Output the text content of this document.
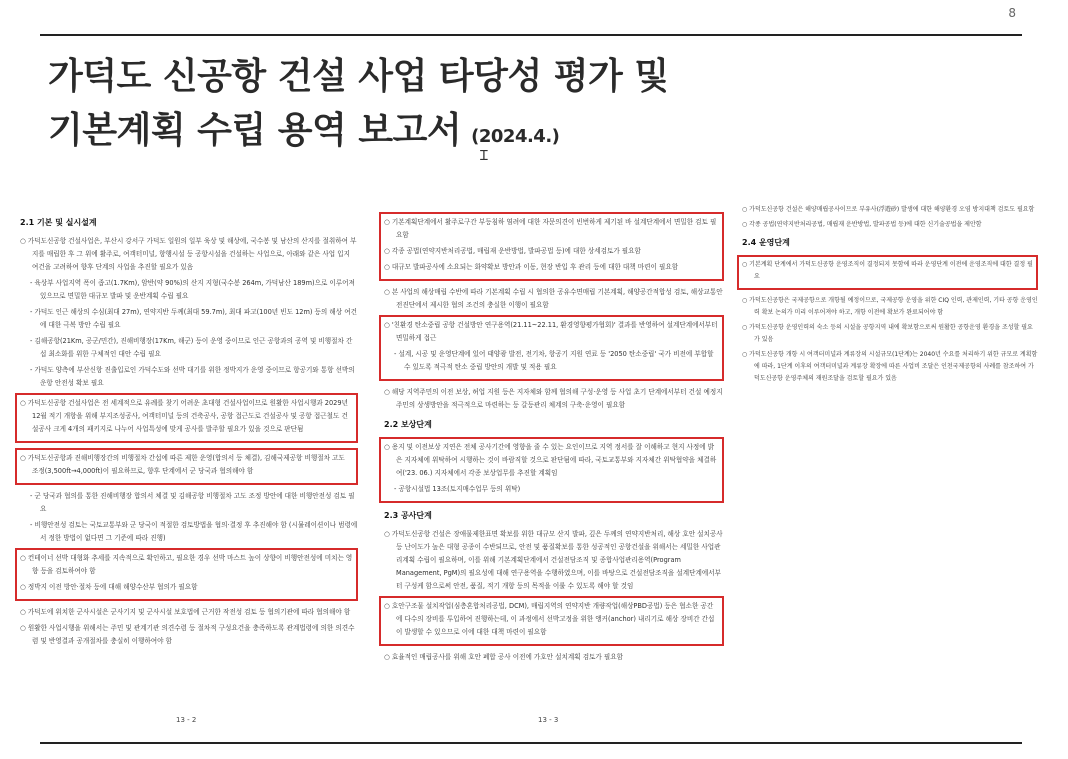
8
가덕도 신공항 건설 사업 타당성 평가 및
기본계획 수립 용역 보고서 (2024.4.)
Ɪ
2.1 기본 및 실시설계
○ 가덕도신공항 건설사업은, 부산시 강서구 가덕도 일원의 일부 육상 및 해상에, 국수봉 및 남산의 산지를 절취하여 부지를 매립한 후 그 위에 활주로, 여객터미널, 항행시설 등 공항시설을 건설하는 사업으로, 아래와 같은 사업 입지 여건을 고려하여 향후 단계의 사업을 추진할 필요가 있음
- 육상부 사업지역 폭이 좁고(1.7Km), 암반(약 90%)의 산지 지형(국수봉 264m, 가덕남산 189m)으로 이루어져 있으므로 면밀한 대규모 발파 및 운반계획 수립 필요
- 가덕도 인근 해상의 수심(최대 27m), 연약지반 두께(최대 59.7m), 최대 파고(100년 빈도 12m) 등의 해상 여건에 대한 극복 방안 수립 필요
- 김해공항(21Km, 공군/민간), 진해비행장(17Km, 해군) 등이 운영 중이므로 인근 공항과의 공역 및 비행절차 간섭 최소화를 위한 구체적인 대안 수립 필요
- 가덕도 양측에 부산신항 진출입로인 가덕수도와 선박 대기를 위한 정박지가 운영 중이므로 항공기와 통항 선박의 운항 안전성 확보 필요
○ 가덕도신공항 건설사업은 전 세계적으로 유례를 찾기 어려운 초대형 건설사업이므로 원활한 사업시행과 2029년 12월 적기 개항을 위해 부지조성공사, 여객터미널 등의 건축공사, 공항 접근도로 건설공사 및 공항 접근철도 건설공사 크게 4개의 패키지로 나누어 사업특성에 맞게 공사를 발주할 필요가 있을 것으로 판단됨
○ 가덕도신공항과 진해비행장간의 비행절차 간섭에 따른 제한 운영(합의서 등 체결), 김해국제공항 비행절차 고도 조정(3,500ft→4,000ft)이 필요하므로, 향후 단계에서 군 당국과 협의해야 함
- 군 당국과 협의를 통한 진해비행장 합의서 체결 및 김해공항 비행절차 고도 조정 방안에 대한 비행안전성 검토 필요
- 비행안전성 검토는 국토교통부와 군 당국이 적절한 검토방법을 협의·결정 후 추진해야 함 (시뮬레이션이나 범령에서 정한 방법이 없다면 그 기준에 따라 진행)
○ 컨테이너 선박 대형화 추세를 지속적으로 확인하고, 필요한 경우 선박 마스트 높이 상향이 비행안전성에 미치는 영향 등을 검토하여야 함
○ 정박지 이전 방안·절차 등에 대해 해양수산부 협의가 필요함
○ 가덕도에 위치한 군사시설은 군사기지 및 군사시설 보호법에 근거한 작전성 검토 등 협의기관에 따라 협의해야 함
○ 원활한 사업시행을 위해서는 주민 및 관계기관 의견수렴 등 절차적 구성요건을 충족하도록 관계법령에 의한 의견수렴 및 반영결과 공개절차를 충실히 이행하여야 함
13 - 2
○ 기본계획단계에서 활주로구간 부등침하 염려에 대한 자문의견이 빈번하게 제기된 바 설계단계에서 면밀한 검토 필요함
○ 각종 공법(연약지반처리공법, 매립재 운반방법, 발파공법 등)에 대한 상세검토가 필요함
○ 대규모 발파공사에 소요되는 화약확보 방안과 이동, 현장 반입 후 관리 등에 대한 대책 마련이 필요함
○ 본 사업의 해상매립 수반에 따라 기본계획 수립 시 협의한 공유수면매립 기본계획, 해양공간적합성 검토, 해상교통안전진단에서 제시한 협의 조건의 충실한 이행이 필요함
○ '친환경 탄소중립 공항 건설방안 연구용역(21.11~22.11, 환경영향평가협회)' 결과를 반영하여 설계단계에서부터 면밀하게 접근
- 설계, 시공 및 운영단계에 있어 태양광 발전, 전기차, 항공기 지원 연료 등 '2050 탄소중립' 국가 비전에 부합할 수 있도록 적극적 탄소 중립 방안의 개발 및 적용 필요
○ 해당 지역주민의 이전 보상, 허업 지원 등은 지자체와 함께 협의해 구성·운영 등 사업 초기 단계에서부터 건설 예정지 주민의 상생방안을 적극적으로 마련하는 등 갈등관리 체계의 구축·운영이 필요함
2.2 보상단계
○ 용지 및 이전보상 지연은 전체 공사기간에 영향을 줄 수 있는 요인이므로 지역 정서를 잘 이해하고 현지 사정에 밝은 지자체에 위탁하여 시행하는 것이 바람직할 것으로 판단됨에 따라, 국토교통부와 지자체간 위탁협약을 체결하여('23. 06.) 지자체에서 각종 보상업무를 추진할 계획임
- 공항시설법 13조(토지매수업무 등의 위탁)
2.3 공사단계
○ 가덕도신공항 건설은 장애물제한표면 확보를 위한 대규모 산지 발파, 깊은 두께의 연약지반처리, 해상 호안 설치공사 등 난이도가 높은 대형 공종이 수반되므로, 안전 및 품질확보를 통한 성공적인 공항건설을 위해서는 세밀한 사업관리계획 수립이 필요하며, 이를 위해 기본계획단계에서 건설전담조직 및 종합사업관리용역(Program Management, PgM)의 필요성에 대해 연구용역을 수행하였으며, 이를 바탕으로 건설전담조직을 설계단계에서부터 구성케 함으로써 안전, 품질, 적기 개항 등의 목적을 이룰 수 있도록 해야 할 것임
○ 호안구조물 설치작업(심층혼합처리공법, DCM), 매립지역의 연약지반 개량작업(해상PBD공법) 등은 협소한 공간에 다수의 장비를 투입하여 진행하는데, 이 과정에서 선박고정을 위한 앵커(anchor) 내리기로 해상 장비간 간섭이 발생할 수 있으므로 이에 대한 대책 마련이 필요함
○ 효율적인 매립공사를 위해 호안 폐합 공사 이전에 가호안 설치계획 검토가 필요함
13 - 3
○ 가덕도신공항 건설은 해양매립공사이므로 부유사(浮遊砂) 발생에 대한 해양환경 오염 방지대책 검토도 필요함
○ 각종 공법(연약지반처리공법, 매립재 운반방법, 발파공법 등)에 대한 신기술공법을 제안함
2.4 운영단계
○ 기본계획 단계에서 가덕도신공항 운영조직이 결정되지 못함에 따라 운영단계 이전에 운영조직에 대한 결정 필요
○ 가덕도신공항은 국제공항으로 개항될 예정이므로, 국제공항 운영을 위한 CIQ 인력, 관제인력, 기타 공항 운영인력 확보 논의가 미리 이루어져야 하고, 개항 이전에 확보가 완료되어야 함
○ 가덕도신공항 운영인력의 숙소 등의 시설을 공항지역 내에 확보함으로써 원활한 공항운영 환경을 조성할 필요가 있음
○ 가덕도신공항 개항 시 여객터미널과 계류장의 시설규모(1단계)는 2040년 수요를 처리하기 위한 규모로 계획함에 따라, 1단계 이후의 여객터미널과 계류장 확장에 따른 사업비 조달은 인천국제공항의 사례를 참조하여 가덕도신공항 운영주체의 재원조달을 검토할 필요가 있음
